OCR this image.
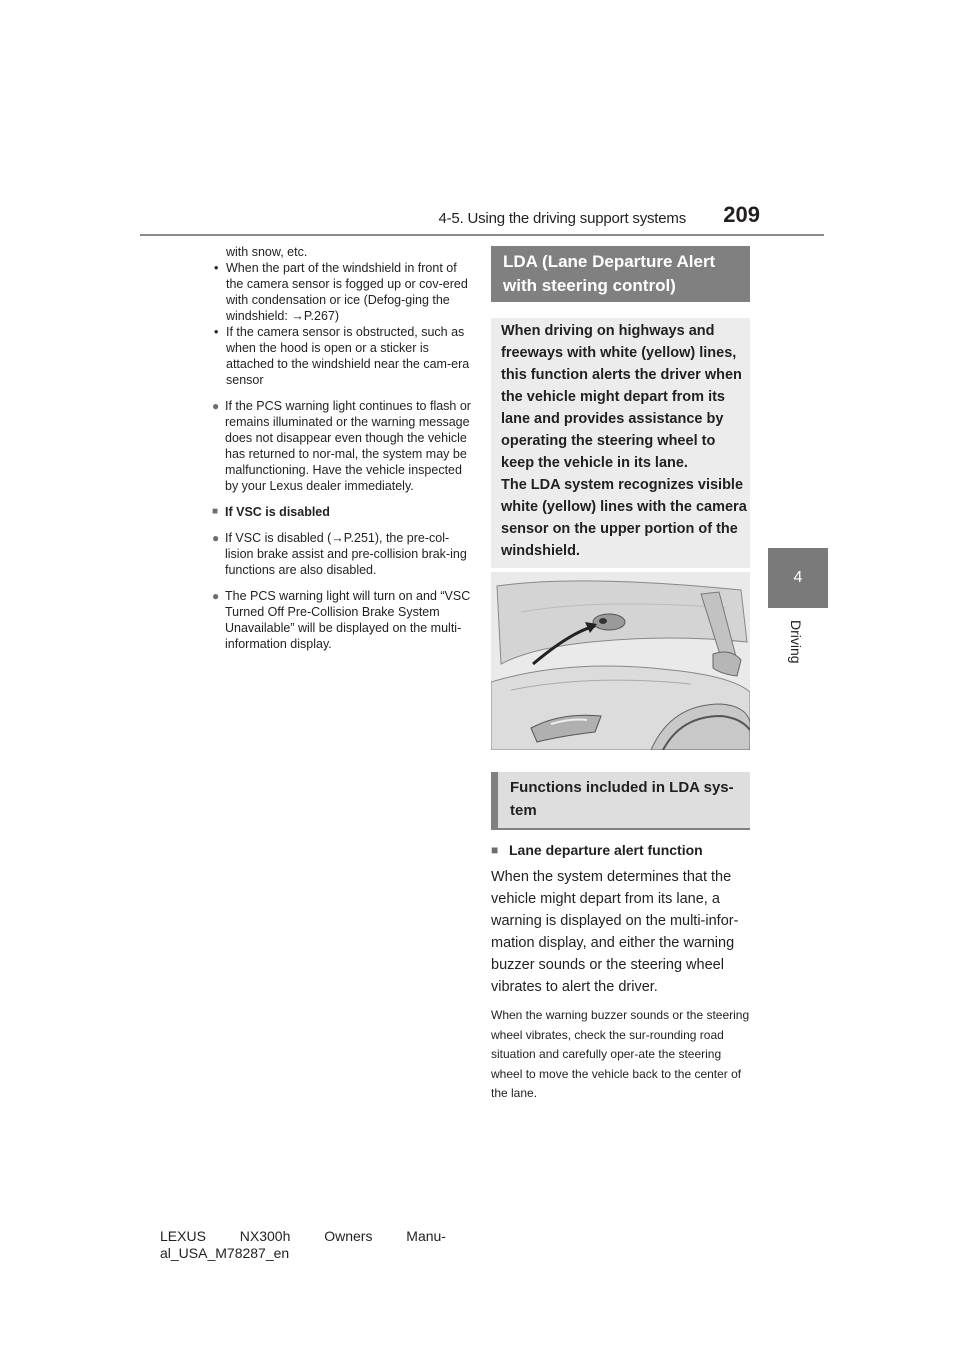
4-5. Using the driving support systems 209
4
Driving

with snow, etc.

• When the part of the windshield in front of the camera sensor is fogged up or cov-ered with condensation or ice (Defog-ging the windshield: →P.267)
• If the camera sensor is obstructed, such as when the hood is open or a sticker is attached to the windshield near the cam-era sensor

● If the PCS warning light continues to flash or remains illuminated or the warning message does not disappear even though the vehicle has returned to nor-mal, the system may be malfunctioning. Have the vehicle inspected by your Lexus dealer immediately.

■ If VSC is disabled

● If VSC is disabled (→P.251), the pre-col-lision brake assist and pre-collision brak-ing functions are also disabled.

● The PCS warning light will turn on and “VSC Turned Off Pre-Collision Brake System Unavailable” will be displayed on the multi-information display.

LDA (Lane Departure Alert with steering control)

When driving on highways and freeways with white (yellow) lines, this function alerts the driver when the vehicle might depart from its lane and provides assistance by operating the steering wheel to keep the vehicle in its lane.

The LDA system recognizes visible white (yellow) lines with the camera sensor on the upper portion of the windshield.

Functions included in LDA sys-tem
■ Lane departure alert function

When the system determines that the vehicle might depart from its lane, a warning is displayed on the multi-infor-mation display, and either the warning buzzer sounds or the steering wheel vibrates to alert the driver.

When the warning buzzer sounds or the steering wheel vibrates, check the sur-rounding road situation and carefully oper-ate the steering wheel to move the vehicle back to the center of the lane.

LEXUS NX300h Owners Manu-
al_USA_M78287_en
